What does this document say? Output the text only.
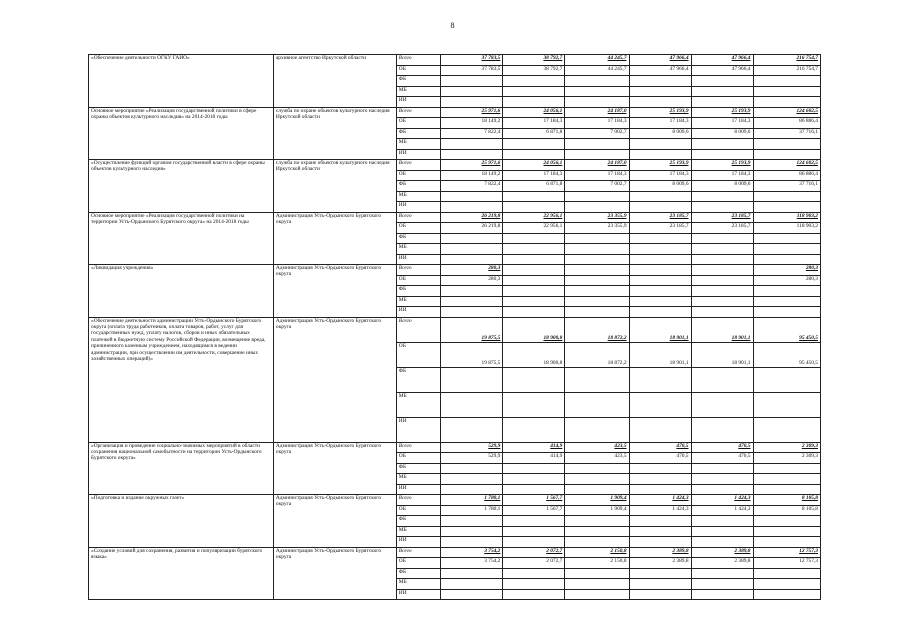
8
«Обеспечение деятельности ОГКУ ГАИО»	архивное агентство Иркутской области	Всего	37 783,5	38 792,7	44 245,7	47 966,4	47 966,4	216 754,7
		ОБ	37 783,5	38 792,7	44 245,7	47 966,4	47 966,4	216 754,7
		ФБ						
		МБ						
		ИИ						
Основное мероприятие «Реализация государственной политики в сфере охраны объектов культурного наследия» на 2014-2018 годы	служба по охране объектов культурного наследия Иркутской области	Всего	25 971,6	24 056,1	24 187,0	25 193,9	25 193,9	124 602,5
		ОБ	18 149,2	17 184,3	17 184,3	17 184,3	17 184,3	86 886,4
		ФБ	7 822,4	6 871,8	7 002,7	8 009,6	8 009,6	37 716,1
		МБ						
		ИИ						
«Осуществление функций органом государственной власти в сфере охраны объектов культурного наследия»	служба по охране объектов культурного наследия Иркутской области	Всего	25 971,6	24 056,1	24 187,0	25 193,9	25 193,9	124 602,5
		ОБ	18 149,2	17 184,3	17 184,3	17 184,3	17 184,3	86 886,4
		ФБ	7 822,4	6 871,8	7 002,7	8 009,6	8 009,6	37 716,1
		МБ						
		ИИ						
Основное мероприятие «Реализация государственной политики на территории Усть-Ордынского Бурятского округа» на 2014-2018 годы	Администрация Усть-Ордынского Бурятского округа	Всего	26 219,8	22 956,1	23 355,9	23 185,7	23 185,7	118 903,2
		ОБ	26 219,8	22 956,1	23 355,9	23 185,7	23 185,7	118 903,2
		ФБ						
		МБ						
		ИИ						
«Ликвидация учреждения»	Администрация Усть-Ордынского Бурятского округа	Всего	280,3					280,3
		ОБ	280,3					280,3
		ФБ						
		МБ						
		ИИ						
«Обеспечение деятельности администрации Усть-Ордынского Бурятского округа (оплата труда работников, оплата товаров, работ, услуг для государственных нужд, уплату налогов, сборов и иных обязательных платежей в бюджетную систему Российской Федерации, возмещение вреда, причиненного казенным учреждением, находящимся в ведении администрации, при осуществлении им деятельности, совершение иных хозяйственных операций)»	Администрация Усть-Ордынского Бурятского округа	Всего	19 875,5	18 900,8	18 872,2	18 901,1	18 901,1	95 450,5
		ОБ	19 875,5	18 900,8	18 872,2	18 901,1	18 901,1	95 450,5
		ФБ						
		МБ						
		ИИ						
«Организация и проведение социально-значимых мероприятий в области сохранения национальной самобытности на территории Усть-Ордынского Бурятского округа»	Администрация Усть-Ордынского Бурятского округа	Всего	529,9	414,9	423,5	470,5	470,5	2 309,3
		ОБ	529,9	414,9	423,5	470,5	470,5	2 309,3
		ФБ						
		МБ						
		ИИ						
«Подготовка и издание окружных газет»	Администрация Усть-Ордынского Бурятского округа	Всего	1 780,1	1 567,7	1 909,4	1 424,3	1 424,3	8 105,8
		ОБ	1 780,1	1 567,7	1 909,4	1 424,3	1 424,3	8 105,8
		ФБ						
		МБ						
		ИИ						
«Создание условий для сохранения, развития и популяризации бурятского языка»	Администрация Усть-Ордынского Бурятского округа	Всего	3 754,2	2 072,7	2 150,8	2 389,8	2 389,8	12 757,3
		ОБ	3 754,2	2 072,7	2 150,8	2 389,8	2 389,8	12 757,3
		ФБ						
		МБ						
		ИИ						
